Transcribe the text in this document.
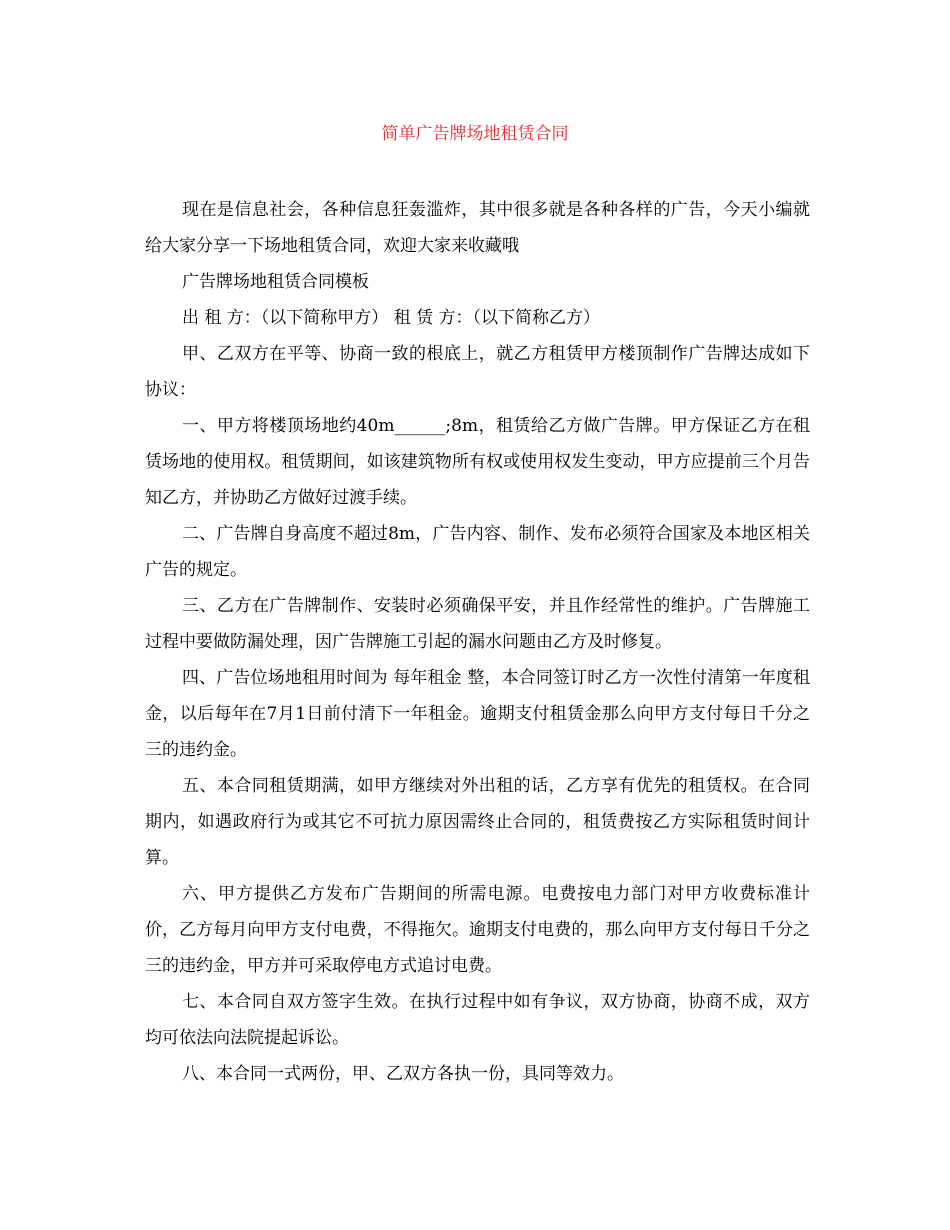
简单广告牌场地租赁合同

现在是信息社会，各种信息狂轰滥炸，其中很多就是各种各样的广告，今天小编就给大家分享一下场地租赁合同，欢迎大家来收藏哦

广告牌场地租赁合同模板

出 租 方：（以下简称甲方） 租 赁 方：（以下简称乙方）

甲、乙双方在平等、协商一致的根底上，就乙方租赁甲方楼顶制作广告牌达成如下协议：

一、甲方将楼顶场地约40m______;8m，租赁给乙方做广告牌。甲方保证乙方在租赁场地的使用权。租赁期间，如该建筑物所有权或使用权发生变动，甲方应提前三个月告知乙方，并协助乙方做好过渡手续。

二、广告牌自身高度不超过8m，广告内容、制作、发布必须符合国家及本地区相关广告的规定。

三、乙方在广告牌制作、安装时必须确保平安，并且作经常性的维护。广告牌施工过程中要做防漏处理，因广告牌施工引起的漏水问题由乙方及时修复。

四、广告位场地租用时间为 每年租金 整，本合同签订时乙方一次性付清第一年度租金，以后每年在7月1日前付清下一年租金。逾期支付租赁金那么向甲方支付每日千分之三的违约金。

五、本合同租赁期满，如甲方继续对外出租的话，乙方享有优先的租赁权。在合同期内，如遇政府行为或其它不可抗力原因需终止合同的，租赁费按乙方实际租赁时间计算。

六、甲方提供乙方发布广告期间的所需电源。电费按电力部门对甲方收费标准计价，乙方每月向甲方支付电费，不得拖欠。逾期支付电费的，那么向甲方支付每日千分之三的违约金，甲方并可采取停电方式追讨电费。

七、本合同自双方签字生效。在执行过程中如有争议，双方协商，协商不成，双方均可依法向法院提起诉讼。

八、本合同一式两份，甲、乙双方各执一份，具同等效力。
